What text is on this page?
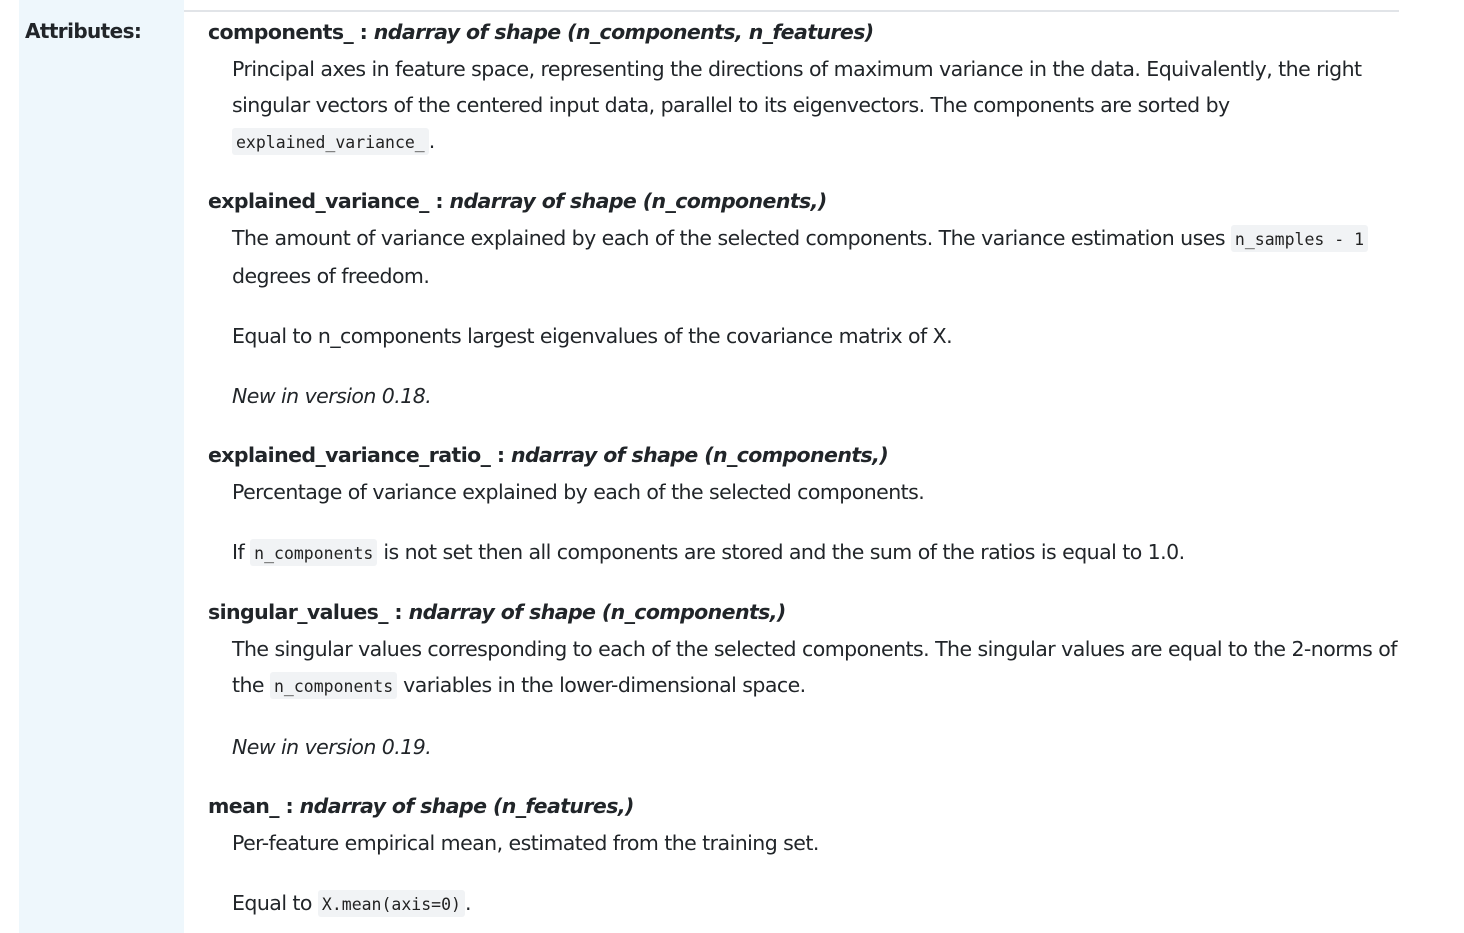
Attributes:	components_ : ndarray of shape (n_components, n_features)
Principal axes in feature space, representing the directions of maximum variance in the data. Equivalently, the right singular vectors of the centered input data, parallel to its eigenvectors. The components are sorted by explained_variance_ .
explained_variance_ : ndarray of shape (n_components,)
The amount of variance explained by each of the selected components. The variance estimation uses n_samples - 1 degrees of freedom.
Equal to n_components largest eigenvalues of the covariance matrix of X.
New in version 0.18.
explained_variance_ratio_ : ndarray of shape (n_components,)
Percentage of variance explained by each of the selected components.
If n_components is not set then all components are stored and the sum of the ratios is equal to 1.0.
singular_values_ : ndarray of shape (n_components,)
The singular values corresponding to each of the selected components. The singular values are equal to the 2-norms of the n_components variables in the lower-dimensional space.
New in version 0.19.
mean_ : ndarray of shape (n_features,)
Per-feature empirical mean, estimated from the training set.
Equal to X.mean(axis=0) .
